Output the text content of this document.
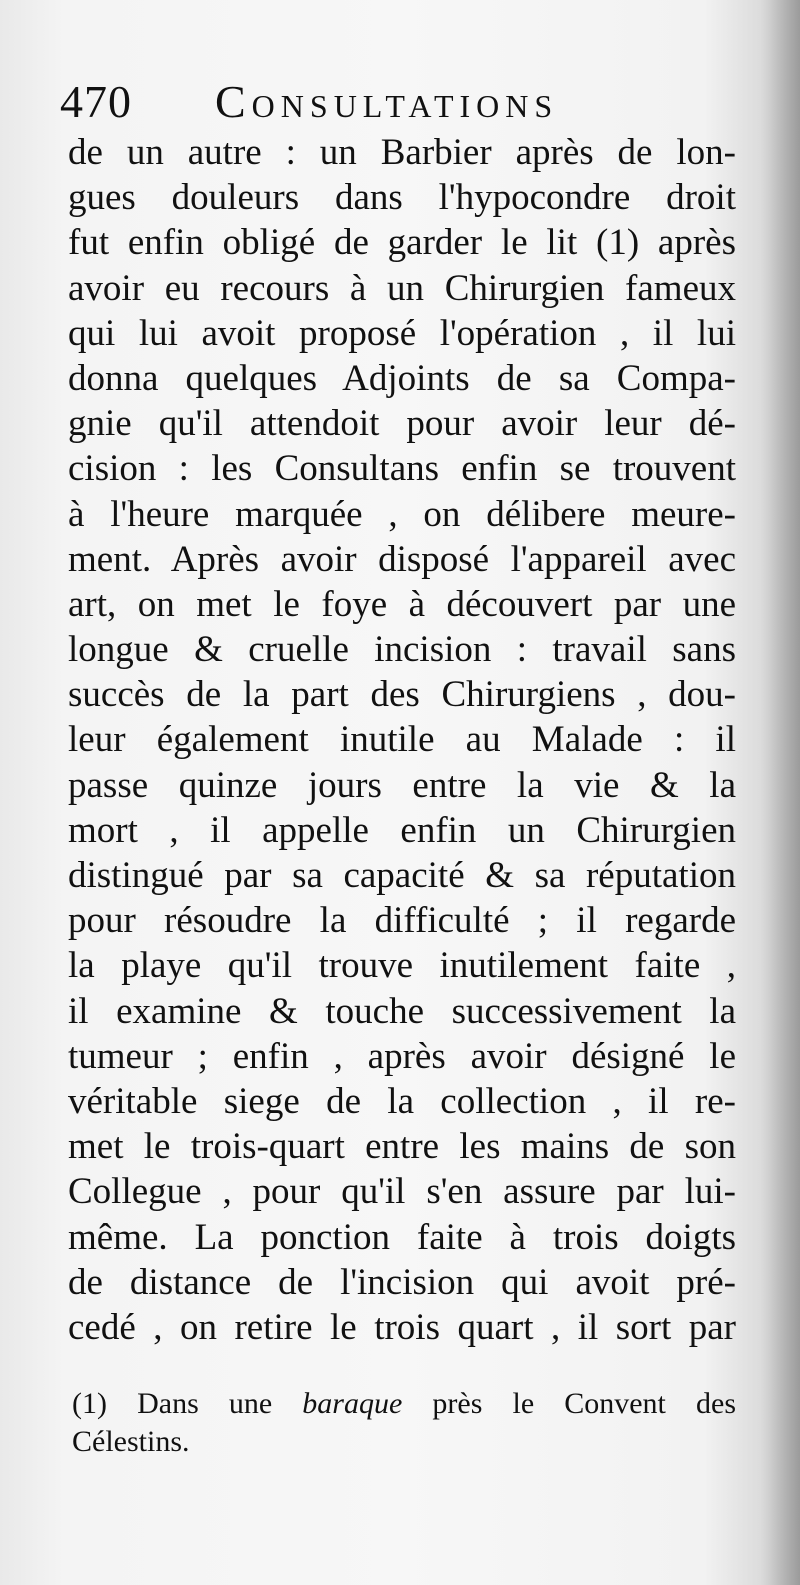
470 Consultations
de un autre : un Barbier après de lon-
gues douleurs dans l'hypocondre droit
fut enfin obligé de garder le lit (1) après
avoir eu recours à un Chirurgien fameux
qui lui avoit proposé l'opération , il lui
donna quelques Adjoints de sa Compa-
gnie qu'il attendoit pour avoir leur dé-
cision : les Consultans enfin se trouvent
à l'heure marquée , on délibere meure-
ment. Après avoir disposé l'appareil avec
art, on met le foye à découvert par une
longue & cruelle incision : travail sans
succès de la part des Chirurgiens , dou-
leur également inutile au Malade : il
passe quinze jours entre la vie & la
mort , il appelle enfin un Chirurgien
distingué par sa capacité & sa réputation
pour résoudre la difficulté ; il regarde
la playe qu'il trouve inutilement faite ,
il examine & touche successivement la
tumeur ; enfin , après avoir désigné le
véritable siege de la collection , il re-
met le trois-quart entre les mains de son
Collegue , pour qu'il s'en assure par lui-
même. La ponction faite à trois doigts
de distance de l'incision qui avoit pré-
cedé , on retire le trois quart , il sort par
(1) Dans une baraque près le Convent des
Célestins.
